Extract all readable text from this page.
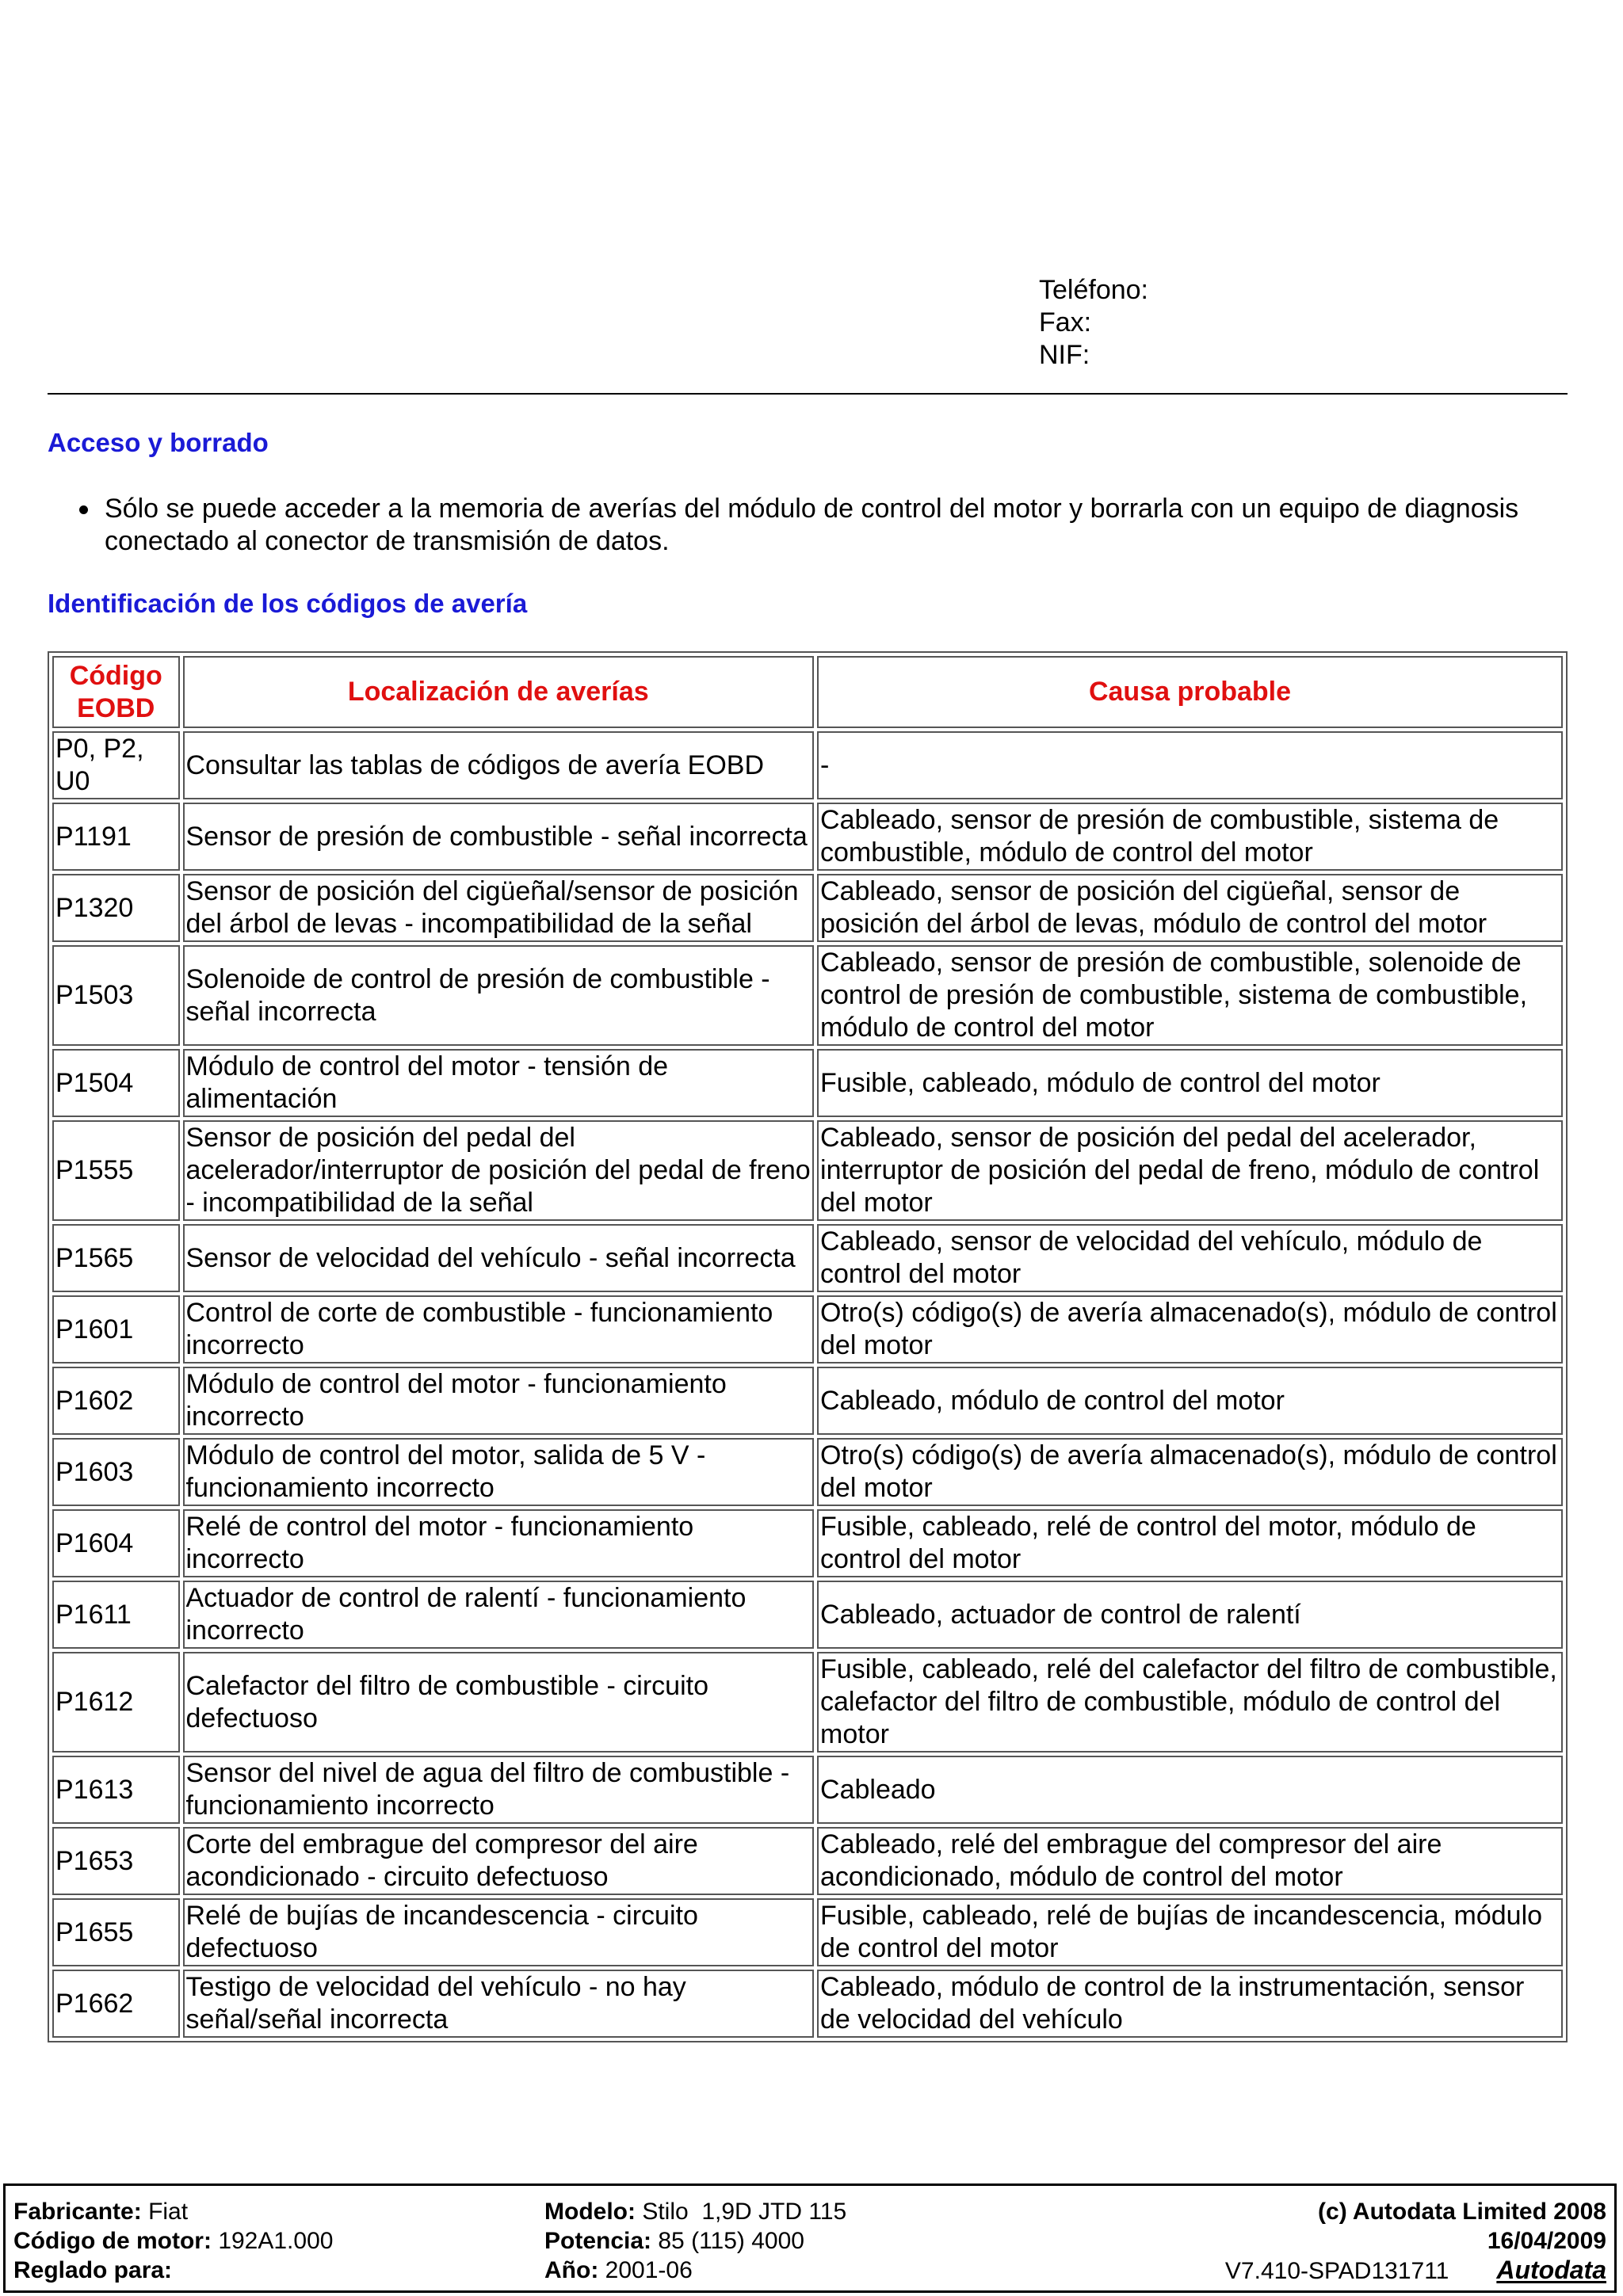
Teléfono:
Fax:
NIF:
Acceso y borrado
Sólo se puede acceder a la memoria de averías del módulo de control del motor y borrarla con un equipo de diagnosis conectado al conector de transmisión de datos.
Identificación de los códigos de avería
Código
EOBD	Localización de averías	Causa probable
P0, P2, U0	Consultar las tablas de códigos de avería EOBD	-
P1191	Sensor de presión de combustible - señal incorrecta	Cableado, sensor de presión de combustible, sistema de combustible, módulo de control del motor
P1320	Sensor de posición del cigüeñal/sensor de posición del árbol de levas - incompatibilidad de la señal	Cableado, sensor de posición del cigüeñal, sensor de posición del árbol de levas, módulo de control del motor
P1503	Solenoide de control de presión de combustible - señal incorrecta	Cableado, sensor de presión de combustible, solenoide de control de presión de combustible, sistema de combustible, módulo de control del motor
P1504	Módulo de control del motor - tensión de alimentación	Fusible, cableado, módulo de control del motor
P1555	Sensor de posición del pedal del acelerador/interruptor de posición del pedal de freno - incompatibilidad de la señal	Cableado, sensor de posición del pedal del acelerador, interruptor de posición del pedal de freno, módulo de control del motor
P1565	Sensor de velocidad del vehículo - señal incorrecta	Cableado, sensor de velocidad del vehículo, módulo de control del motor
P1601	Control de corte de combustible - funcionamiento incorrecto	Otro(s) código(s) de avería almacenado(s), módulo de control del motor
P1602	Módulo de control del motor - funcionamiento incorrecto	Cableado, módulo de control del motor
P1603	Módulo de control del motor, salida de 5 V - funcionamiento incorrecto	Otro(s) código(s) de avería almacenado(s), módulo de control del motor
P1604	Relé de control del motor - funcionamiento incorrecto	Fusible, cableado, relé de control del motor, módulo de control del motor
P1611	Actuador de control de ralentí - funcionamiento incorrecto	Cableado, actuador de control de ralentí
P1612	Calefactor del filtro de combustible - circuito defectuoso	Fusible, cableado, relé del calefactor del filtro de combustible, calefactor del filtro de combustible, módulo de control del motor
P1613	Sensor del nivel de agua del filtro de combustible - funcionamiento incorrecto	Cableado
P1653	Corte del embrague del compresor del aire acondicionado - circuito defectuoso	Cableado, relé del embrague del compresor del aire acondicionado, módulo de control del motor
P1655	Relé de bujías de incandescencia - circuito defectuoso	Fusible, cableado, relé de bujías de incandescencia, módulo de control del motor
P1662	Testigo de velocidad del vehículo - no hay señal/señal incorrecta	Cableado, módulo de control de la instrumentación, sensor de velocidad del vehículo
Fabricante: Fiat
Código de motor: 192A1.000
Reglado para:
Modelo: Stilo  1,9D JTD 115
Potencia: 85 (115) 4000
Año: 2001-06
(c) Autodata Limited 2008
16/04/2009
V7.410-SPAD131711 Autodata
